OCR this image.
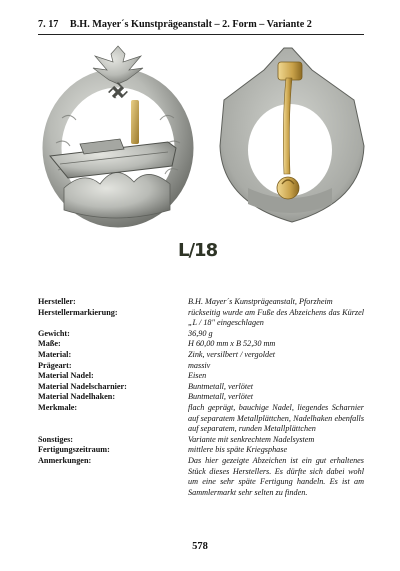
7. 17 B.H. Mayer´s Kunstprägeanstalt – 2. Form – Variante 2
L/18
Hersteller:	B.H. Mayer´s Kunstprägeanstalt, Pforzheim
Herstellermarkierung:	rückseitig wurde am Fuße des Abzeichens das Kürzel „L / 18" eingeschlagen
Gewicht:	36,90 g
Maße:	H 60,00 mm x B 52,30 mm
Material:	Zink, versilbert / vergoldet
Prägeart:	massiv
Material Nadel:	Eisen
Material Nadelscharnier:	Buntmetall, verlötet
Material Nadelhaken:	Buntmetall, verlötet
Merkmale:	flach geprägt, bauchige Nadel, liegendes Scharnier auf separatem Metallplättchen, Nadelhaken ebenfalls auf separatem, runden Metallplättchen
Sonstiges:	Variante mit senkrechtem Nadelsystem
Fertigungszeitraum:	mittlere bis späte Kriegsphase
Anmerkungen:	Das hier gezeigte Abzeichen ist ein gut erhaltenes Stück dieses Herstellers. Es dürfte sich dabei wohl um eine sehr späte Fertigung handeln. Es ist am Sammlermarkt sehr selten zu finden.
578
